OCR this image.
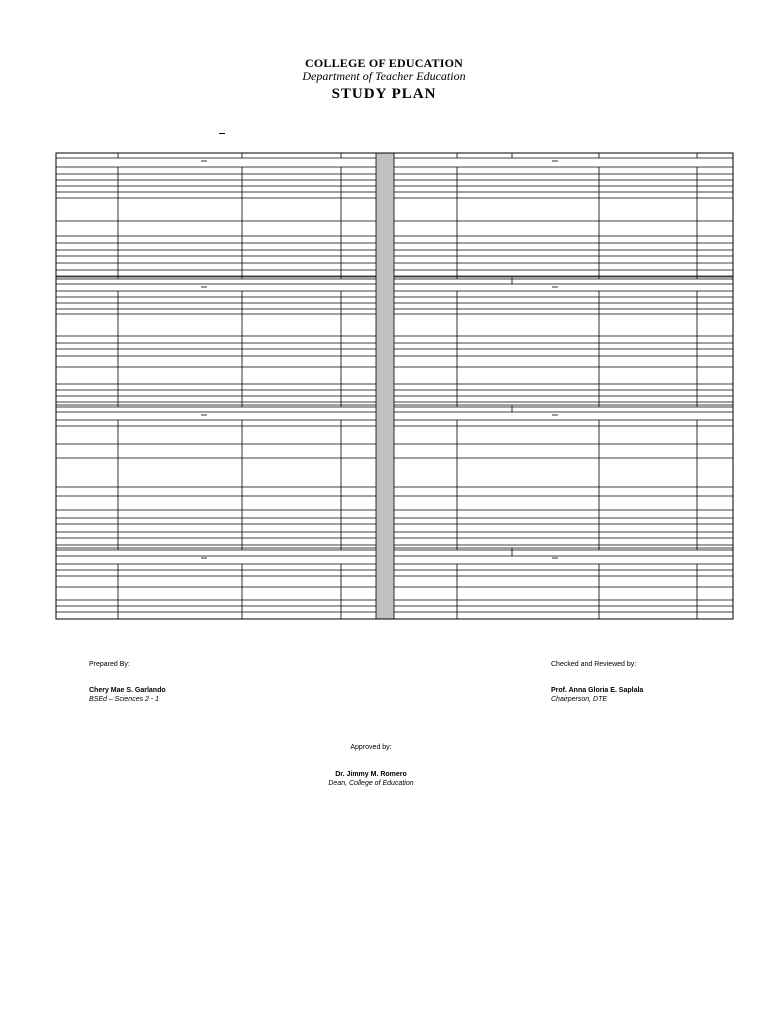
COLLEGE OF EDUCATION
Department of Teacher Education
STUDY PLAN
Prepared By:
Chery Mae S. Garlando
BSEd – Sciences 2 - 1
Checked and Reviewed by:
Prof. Anna Gloria E. Saplala
Chairperson, DTE
Approved by:
Dr. Jimmy M. Romero
Dean, College of Education
